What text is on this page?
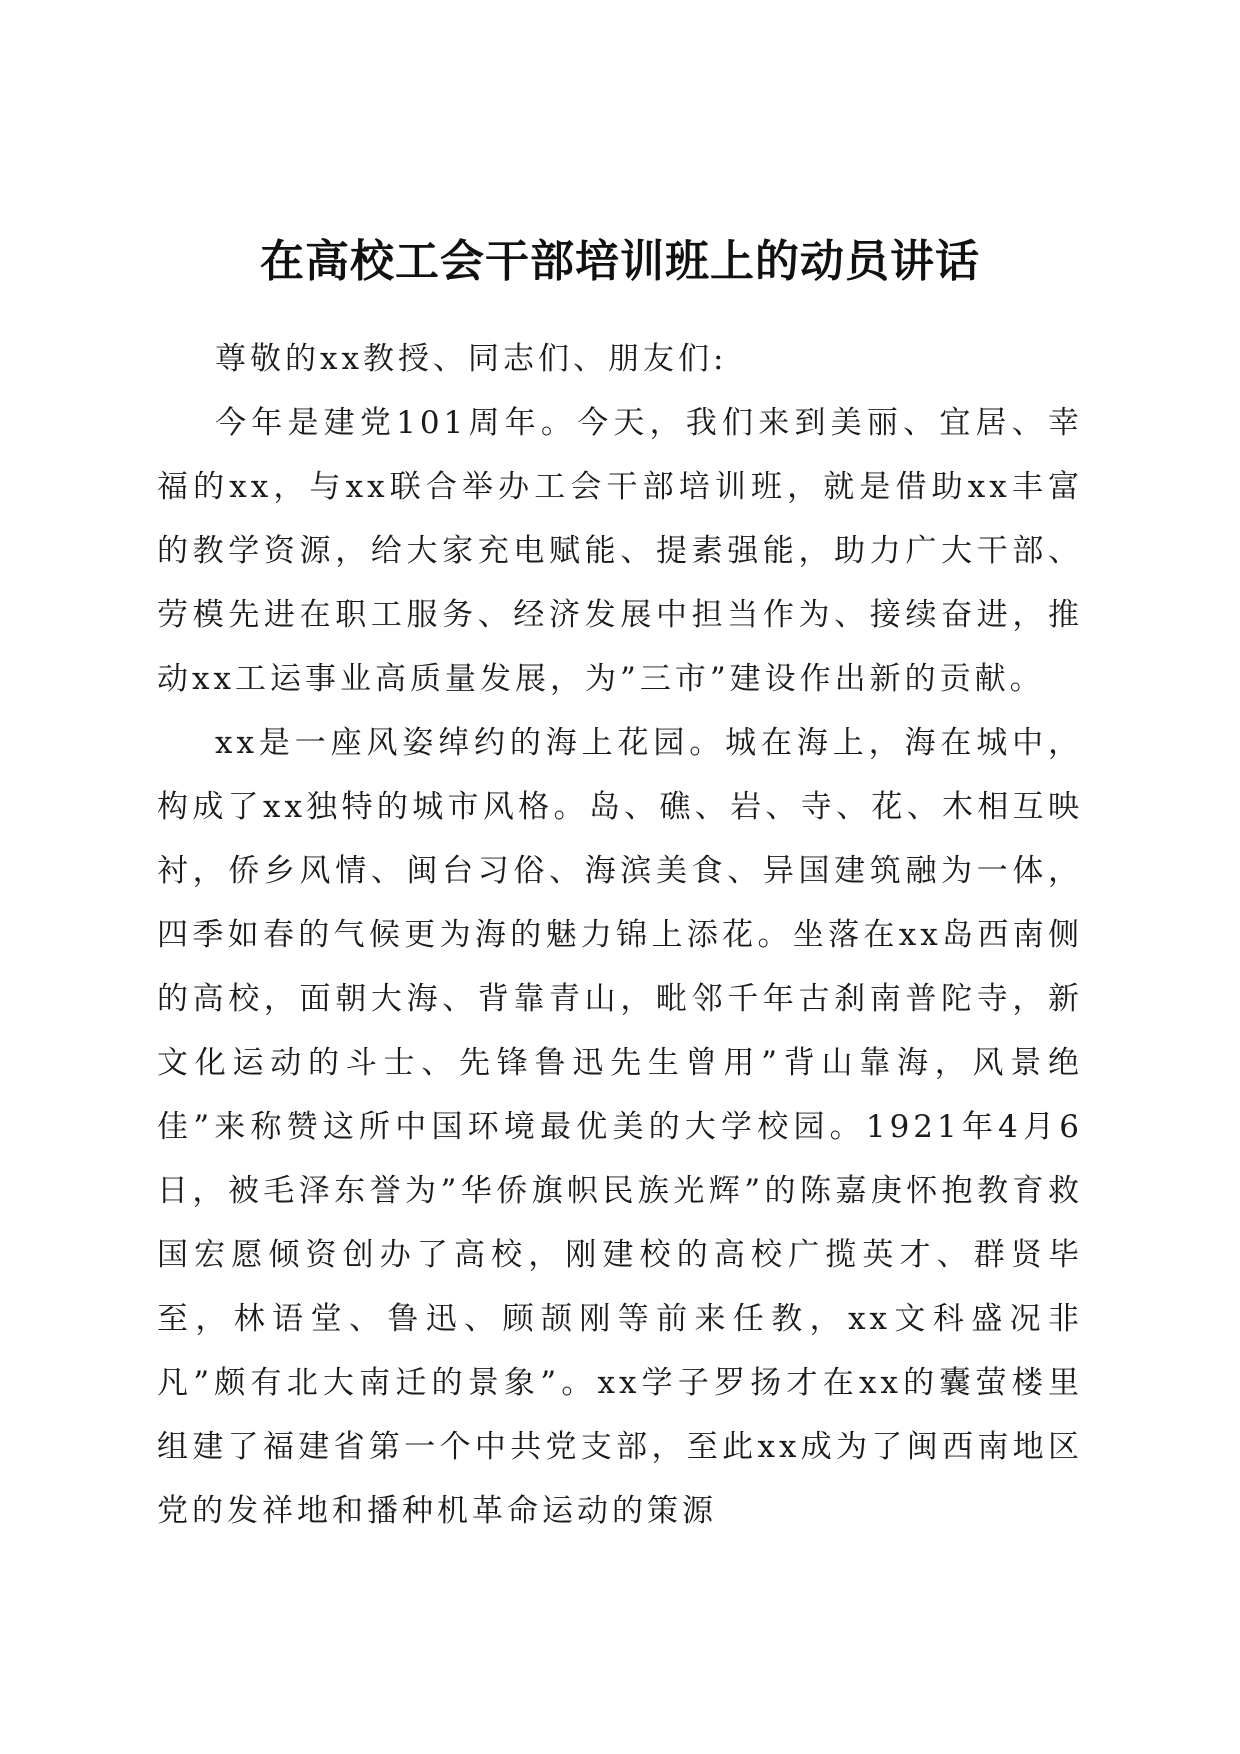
在高校工会干部培训班上的动员讲话

尊敬的xx教授、同志们、朋友们:

今年是建党101周年。今天，我们来到美丽、宜居、幸福的xx，与xx联合举办工会干部培训班，就是借助xx丰富的教学资源，给大家充电赋能、提素强能，助力广大干部、劳模先进在职工服务、经济发展中担当作为、接续奋进，推动xx工运事业高质量发展，为”三市”建设作出新的贡献。

xx是一座风姿绰约的海上花园。城在海上，海在城中，构成了xx独特的城市风格。岛、礁、岩、寺、花、木相互映衬，侨乡风情、闽台习俗、海滨美食、异国建筑融为一体，四季如春的气候更为海的魅力锦上添花。坐落在xx岛西南侧的高校，面朝大海、背靠青山，毗邻千年古刹南普陀寺，新文化运动的斗士、先锋鲁迅先生曾用”背山靠海，风景绝佳”来称赞这所中国环境最优美的大学校园。1921年4月6日，被毛泽东誉为”华侨旗帜民族光辉”的陈嘉庚怀抱教育救国宏愿倾资创办了高校，刚建校的高校广揽英才、群贤毕至，林语堂、鲁迅、顾颉刚等前来任教，xx文科盛况非凡”颇有北大南迁的景象”。xx学子罗扬才在xx的囊萤楼里组建了福建省第一个中共党支部，至此xx成为了闽西南地区党的发祥地和播种机革命运动的策源
